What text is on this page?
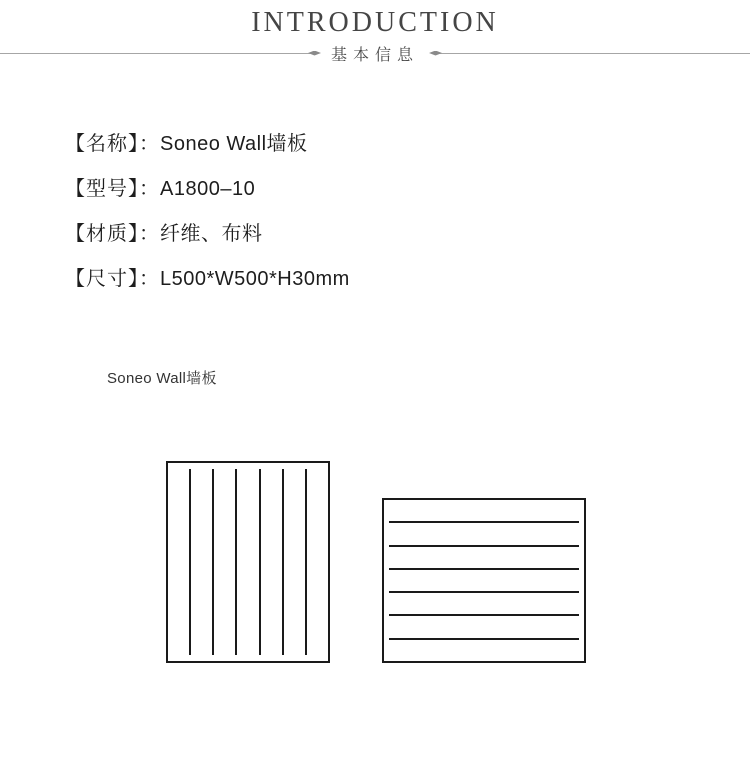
INTRODUCTION
基本信息
【名称】：Soneo Wall墙板
【型号】：A1800–10
【材质】：纤维、布料
【尺寸】：L500*W500*H30mm
Soneo Wall墙板
